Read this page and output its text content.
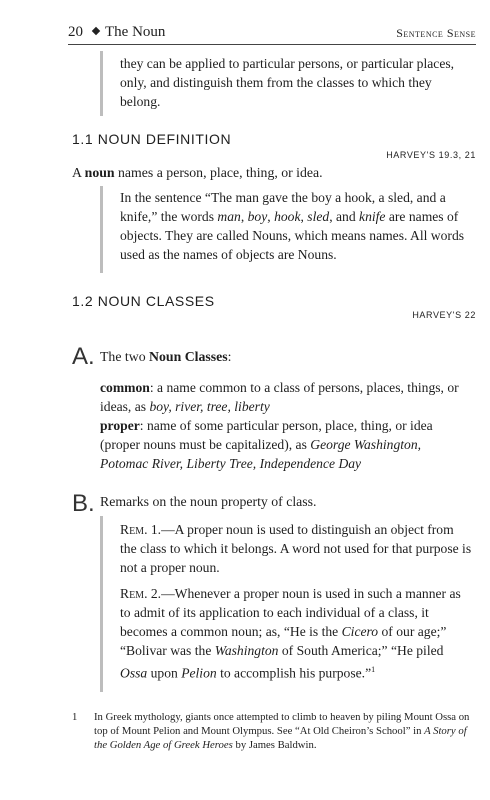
20 The Noun	Sentence Sense
they can be applied to particular persons, or particular places,
only, and distinguish them from the classes to which they
belong.
1.1 NOUN DEFINITION
HARVEY'S 19.3, 21
A noun names a person, place, thing, or idea.
In the sentence “The man gave the boy a hook, a sled, and a knife,” the words man, boy, hook, sled, and knife are names of objects. They are called Nouns, which means names. All words used as the names of objects are Nouns.
1.2 NOUN CLASSES
HARVEY'S 22
A. The two Noun Classes:
common: a name common to a class of persons, places, things, or ideas, as boy, river, tree, liberty
proper: name of some particular person, place, thing, or idea (proper nouns must be capitalized), as George Washington, Potomac River, Liberty Tree, Independence Day
B. Remarks on the noun property of class.

Rem. 1.—A proper noun is used to distinguish an object from the class to which it belongs. A word not used for that purpose is not a proper noun.

Rem. 2.—Whenever a proper noun is used in such a manner as to admit of its application to each individual of a class, it becomes a common noun; as, “He is the Cicero of our age;” “Bolivar was the Washington of South America;” “He piled Ossa upon Pelion to accomplish his purpose.”$^1$

1 In Greek mythology, giants once attempted to climb to heaven by piling Mount Ossa on top of Mount Pelion and Mount Olympus. See “At Old Cheiron’s School” in A Story of the Golden Age of Greek Heroes by James Baldwin.
